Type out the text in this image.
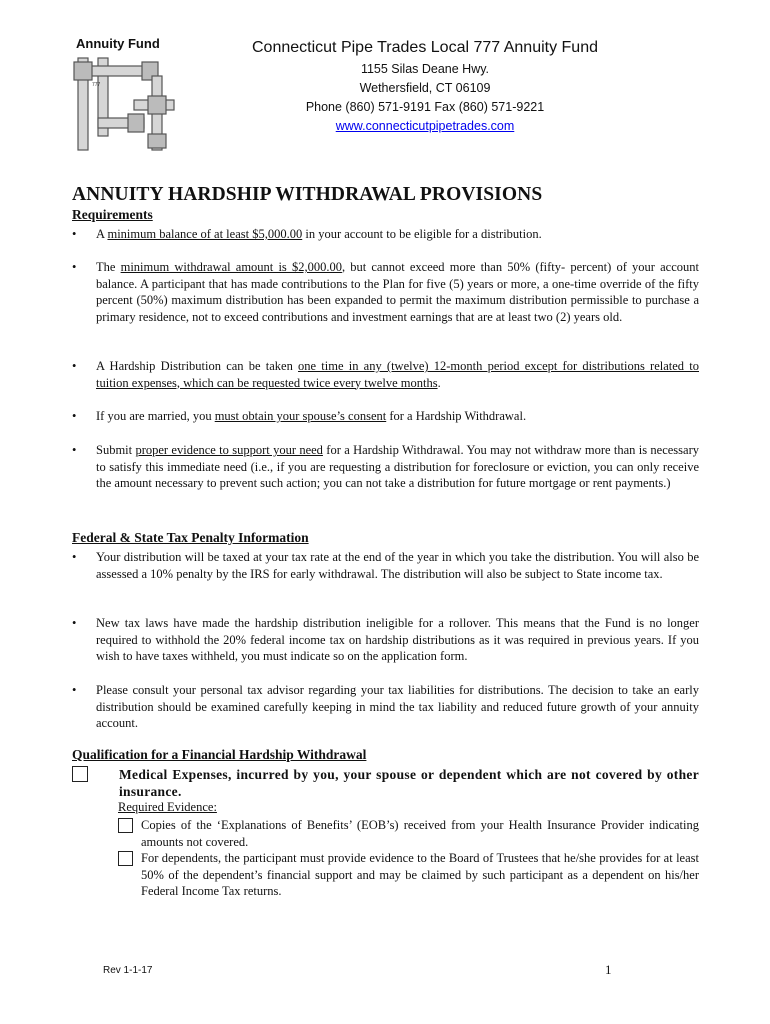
Annuity Fund
777
Connecticut Pipe Trades Local 777 Annuity Fund
1155 Silas Deane Hwy.
Wethersfield, CT 06109
Phone (860) 571-9191 Fax (860) 571-9221
www.connecticutpipetrades.com
ANNUITY HARDSHIP WITHDRAWAL PROVISIONS
Requirements
•	A minimum balance of at least $5,000.00 in your account to be eligible for a distribution.
•	The minimum withdrawal amount is $2,000.00, but cannot exceed more than 50% (fifty- percent) of your account balance. A participant that has made contributions to the Plan for five (5) years or more, a one-time override of the fifty percent (50%) maximum distribution has been expanded to permit the maximum distribution permissible to purchase a primary residence, not to exceed contributions and investment earnings that are at least two (2) years old.
•	A Hardship Distribution can be taken one time in any (twelve) 12-month period except for distributions related to tuition expenses, which can be requested twice every twelve months.
•	If you are married, you must obtain your spouse’s consent for a Hardship Withdrawal.
•	Submit proper evidence to support your need for a Hardship Withdrawal. You may not withdraw more than is necessary to satisfy this immediate need (i.e., if you are requesting a distribution for foreclosure or eviction, you can only receive the amount necessary to prevent such action; you can not take a distribution for future mortgage or rent payments.)
Federal & State Tax Penalty Information
•	Your distribution will be taxed at your tax rate at the end of the year in which you take the distribution. You will also be assessed a 10% penalty by the IRS for early withdrawal. The distribution will also be subject to State income tax.
•	New tax laws have made the hardship distribution ineligible for a rollover. This means that the Fund is no longer required to withhold the 20% federal income tax on hardship distributions as it was required in previous years. If you wish to have taxes withheld, you must indicate so on the application form.
•	Please consult your personal tax advisor regarding your tax liabilities for distributions. The decision to take an early distribution should be examined carefully keeping in mind the tax liability and reduced future growth of your annuity account.
Qualification for a Financial Hardship Withdrawal
Medical Expenses, incurred by you, your spouse or dependent which are not covered by other insurance.
Required Evidence:
Copies of the ‘Explanations of Benefits’ (EOB’s) received from your Health Insurance Provider indicating amounts not covered.
For dependents, the participant must provide evidence to the Board of Trustees that he/she provides for at least 50% of the dependent’s financial support and may be claimed by such participant as a dependent on his/her Federal Income Tax returns.
Rev 1-1-17	1
